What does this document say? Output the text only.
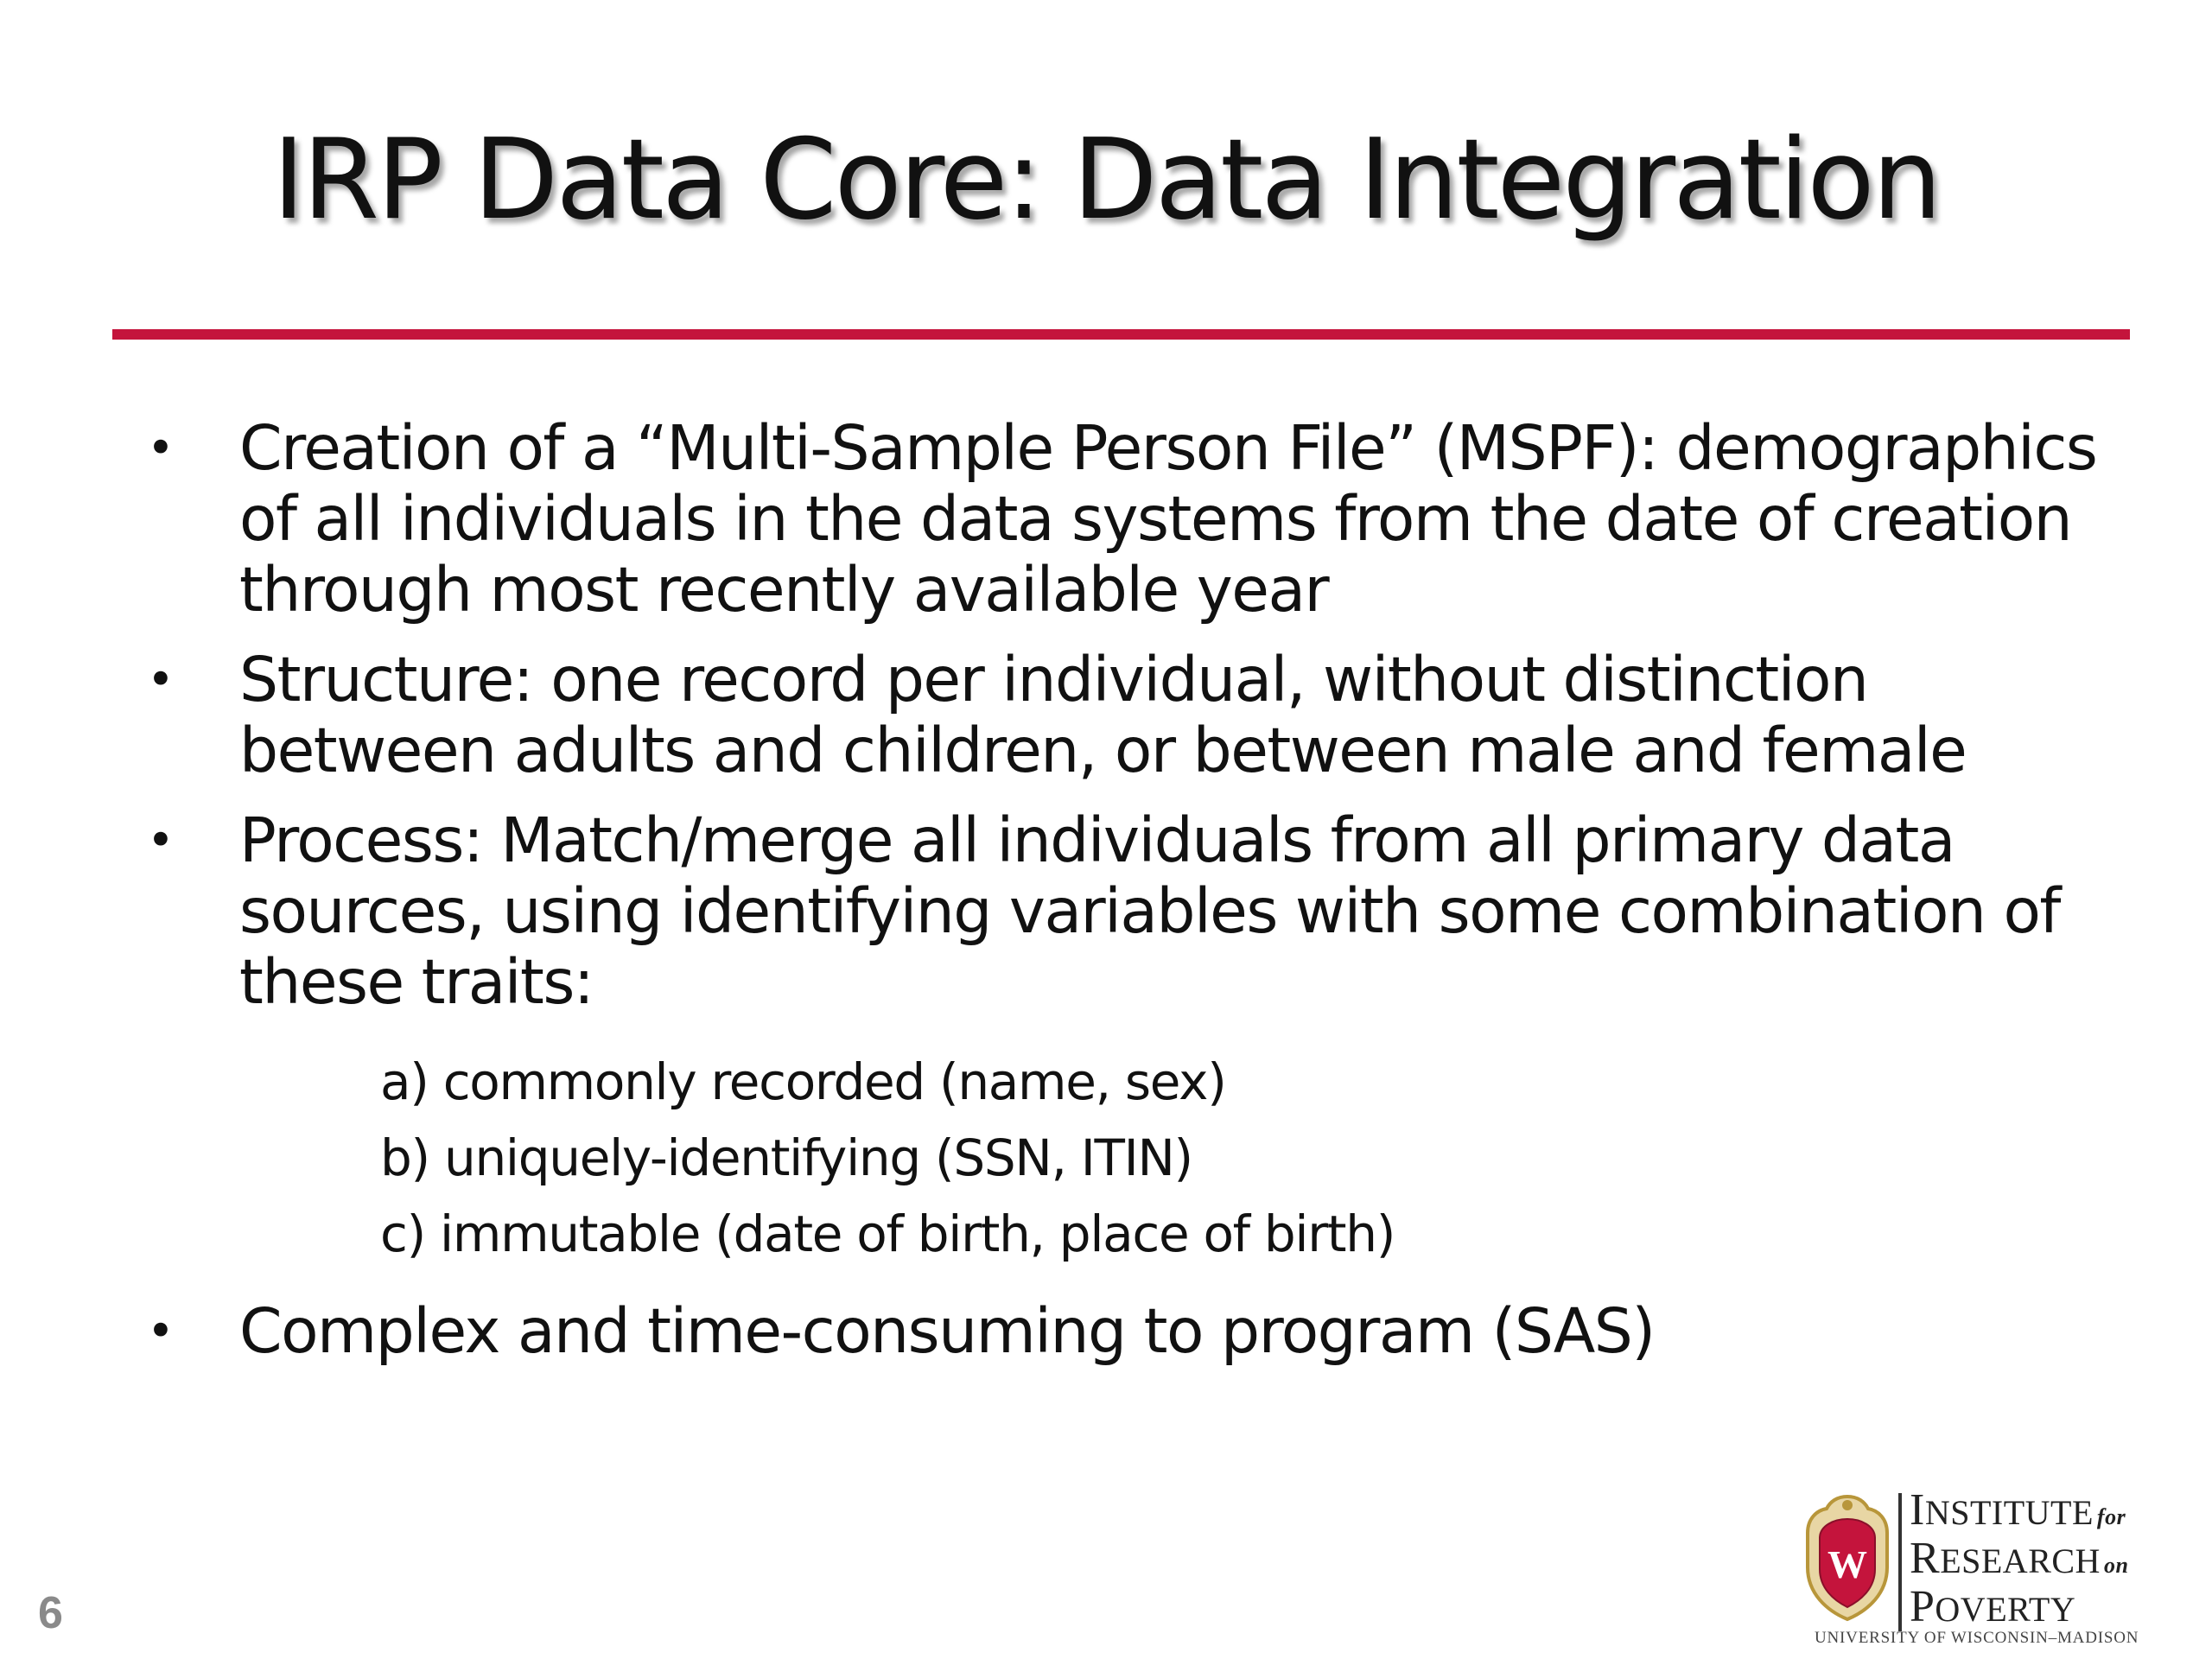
IRP Data Core: Data Integration
• Creation of a “Multi-Sample Person File” (MSPF): demographics of all individuals in the data systems from the date of creation through most recently available year
• Structure: one record per individual, without distinction between adults and children, or between male and female
• Process: Match/merge all individuals from all primary data sources, using identifying variables with some combination of these traits:
a) commonly recorded (name, sex)
b) uniquely-identifying (SSN, ITIN)
c) immutable (date of birth, place of birth)
• Complex and time-consuming to program (SAS)
6
W
INSTITUTE for
RESEARCH on
POVERTY
UNIVERSITY OF WISCONSIN–MADISON
